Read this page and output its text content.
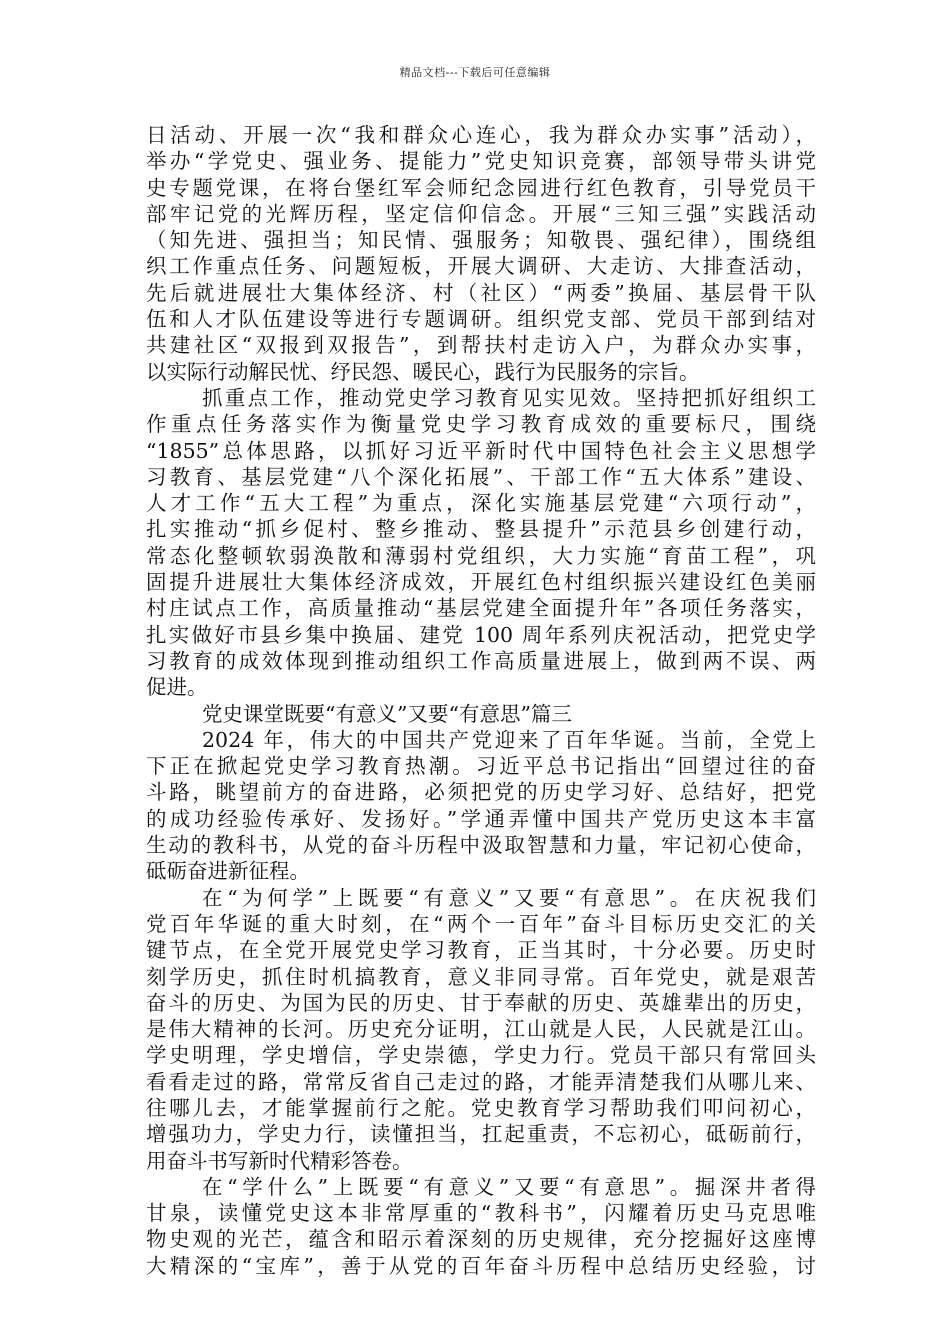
精品文档---下载后可任意编辑
日活动、开展一次“我和群众心连心，我为群众办实事”活动），
举办“学党史、强业务、提能力”党史知识竞赛，部领导带头讲党
史专题党课，在将台堡红军会师纪念园进行红色教育，引导党员干
部牢记党的光辉历程，坚定信仰信念。开展“三知三强”实践活动
（知先进、强担当；知民情、强服务；知敬畏、强纪律），围绕组
织工作重点任务、问题短板，开展大调研、大走访、大排查活动，
先后就进展壮大集体经济、村（社区）“两委”换届、基层骨干队
伍和人才队伍建设等进行专题调研。组织党支部、党员干部到结对
共建社区“双报到双报告”，到帮扶村走访入户，为群众办实事，
以实际行动解民忧、纾民怨、暖民心，践行为民服务的宗旨。
抓重点工作，推动党史学习教育见实见效。坚持把抓好组织工
作重点任务落实作为衡量党史学习教育成效的重要标尺，围绕
“1855”总体思路，以抓好习近平新时代中国特色社会主义思想学
习教育、基层党建“八个深化拓展”、干部工作“五大体系”建设、
人才工作“五大工程”为重点，深化实施基层党建“六项行动”，
扎实推动“抓乡促村、整乡推动、整县提升”示范县乡创建行动，
常态化整顿软弱涣散和薄弱村党组织，大力实施“育苗工程”，巩
固提升进展壮大集体经济成效，开展红色村组织振兴建设红色美丽
村庄试点工作，高质量推动“基层党建全面提升年”各项任务落实，
扎实做好市县乡集中换届、建党 100 周年系列庆祝活动，把党史学
习教育的成效体现到推动组织工作高质量进展上，做到两不误、两
促进。
党史课堂既要“有意义”又要“有意思”篇三
2024 年，伟大的中国共产党迎来了百年华诞。当前，全党上
下正在掀起党史学习教育热潮。习近平总书记指出“回望过往的奋
斗路，眺望前方的奋进路，必须把党的历史学习好、总结好，把党
的成功经验传承好、发扬好。”学通弄懂中国共产党历史这本丰富
生动的教科书，从党的奋斗历程中汲取智慧和力量，牢记初心使命，
砥砺奋进新征程。
在“为何学”上既要“有意义”又要“有意思”。在庆祝我们
党百年华诞的重大时刻，在“两个一百年”奋斗目标历史交汇的关
键节点，在全党开展党史学习教育，正当其时，十分必要。历史时
刻学历史，抓住时机搞教育，意义非同寻常。百年党史，就是艰苦
奋斗的历史、为国为民的历史、甘于奉献的历史、英雄辈出的历史，
是伟大精神的长河。历史充分证明，江山就是人民，人民就是江山。
学史明理，学史增信，学史崇德，学史力行。党员干部只有常回头
看看走过的路，常常反省自己走过的路，才能弄清楚我们从哪儿来、
往哪儿去，才能掌握前行之舵。党史教育学习帮助我们叩问初心，
增强功力，学史力行，读懂担当，扛起重责，不忘初心，砥砺前行，
用奋斗书写新时代精彩答卷。
在“学什么”上既要“有意义”又要“有意思”。掘深井者得
甘泉，读懂党史这本非常厚重的“教科书”，闪耀着历史马克思唯
物史观的光芒，蕴含和昭示着深刻的历史规律，充分挖掘好这座博
大精深的“宝库”，善于从党的百年奋斗历程中总结历史经验，讨
